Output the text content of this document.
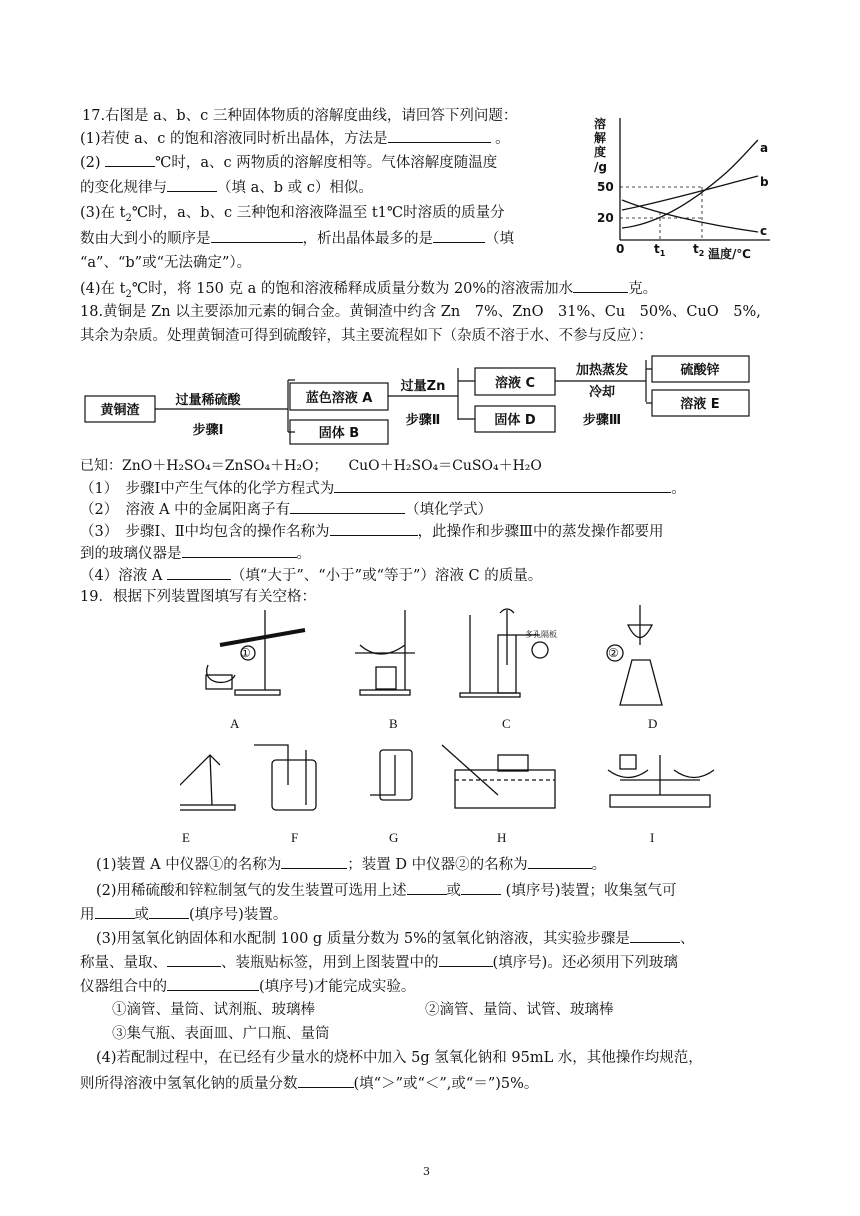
17.右图是 a、b、c 三种固体物质的溶解度曲线，请回答下列问题：
(1)若使 a、c 的饱和溶液同时析出晶体，方法是	。
(2)	℃时，a、c 两物质的溶解度相等。气体溶解度随温度
的变化规律与	（填 a、b 或 c）相似。
(3)在 $t_2℃$时，a、b、c 三种饱和溶液降温至 t1℃时溶质的质量分
数由大到小的顺序是	，析出晶体最多的是	（填
“a”、“b”或“无法确定”）。
(4)在 $t_2℃$时，将 150 克 a 的饱和溶液稀释成质量分数为 20%的溶液需加水	克。
溶
解
度
/g
50
20
0 $t_1$ $t_2$ 温度/℃
a
b
c
18.黄铜是 Zn 以主要添加元素的铜合金。黄铜渣中约含 Zn　7%、ZnO　31%、Cu　50%、CuO　5%,
其余为杂质。处理黄铜渣可得到硫酸锌，其主要流程如下（杂质不溶于水、不参与反应）：
黄铜渣
过量稀硫酸
步骤Ⅰ
蓝色溶液 A
固体 B
过量Zn
步骤Ⅱ
溶液 C
固体 D
加热蒸发
冷却
步骤Ⅲ
硫酸锌
溶液 E
已知：ZnO＋H₂SO₄＝ZnSO₄＋H₂O；　　CuO＋H₂SO₄＝CuSO₄＋H₂O
（1）　步骤Ⅰ中产生气体的化学方程式为	。
（2）　溶液 A 中的金属阳离子有	（填化学式）
（3）　步骤Ⅰ、Ⅱ中均包含的操作名称为	，此操作和步骤Ⅲ中的蒸发操作都要用
到的玻璃仪器是	。
（4）溶液 A	（填“大于”、“小于”或“等于”）溶液 C 的质量。
19．根据下列装置图填写有关空格：
①	②
多孔隔板
A	B	C	D
E	F	G	H	I
(1)装置 A 中仪器①的名称为	；装置 D 中仪器②的名称为	。
(2)用稀硫酸和锌粒制氢气的发生装置可选用上述	或	(填序号)装置；收集氢气可
用	或	(填序号)装置。
(3)用氢氧化钠固体和水配制 100 g 质量分数为 5%的氢氧化钠溶液，其实验步骤是	、
称量、量取、	、装瓶贴标签，用到上图装置中的	(填序号)。还必须用下列玻璃
仪器组合中的	(填序号)才能完成实验。
①滴管、量筒、试剂瓶、玻璃棒	②滴管、量筒、试管、玻璃棒
③集气瓶、表面皿、广口瓶、量筒
(4)若配制过程中，在已经有少量水的烧杯中加入 5g 氢氧化钠和 95mL 水，其他操作均规范，
则所得溶液中氢氧化钠的质量分数	(填“＞”或“＜”,或“＝”)5%。
3
